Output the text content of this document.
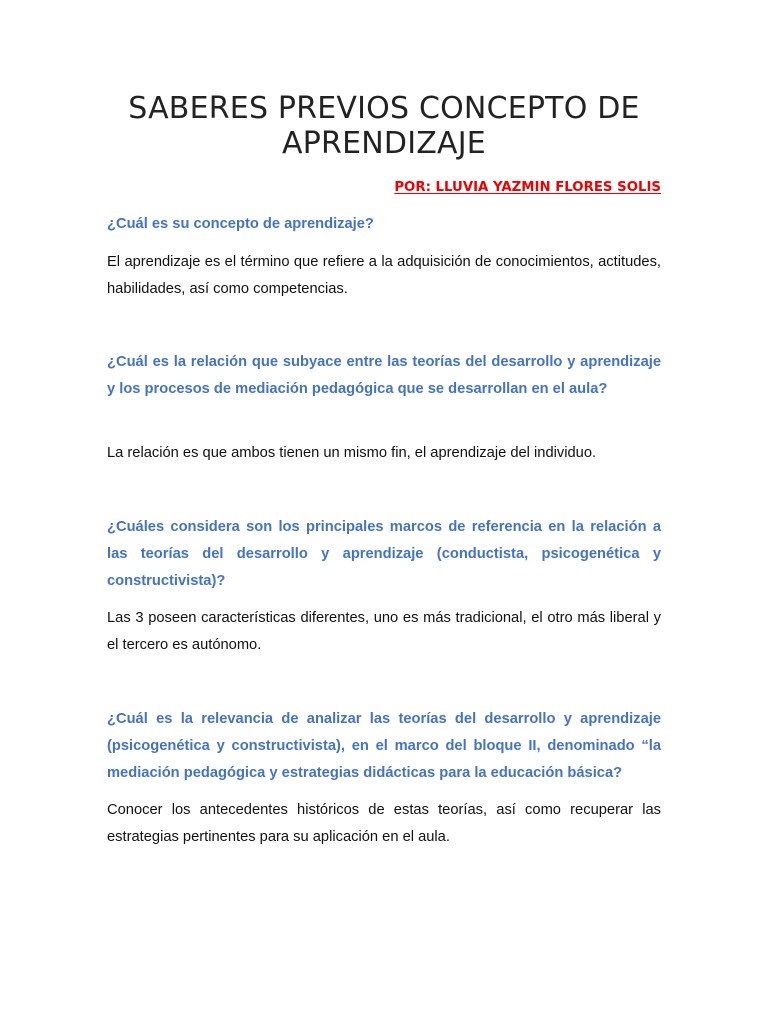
SABERES PREVIOS CONCEPTO DE APRENDIZAJE
POR: LLUVIA YAZMIN FLORES SOLIS

¿Cuál es su concepto de aprendizaje?

El aprendizaje es el término que refiere a la adquisición de conocimientos, actitudes, habilidades, así como competencias.

¿Cuál es la relación que subyace entre las teorías del desarrollo y aprendizaje y los procesos de mediación pedagógica que se desarrollan en el aula?

La relación es que ambos tienen un mismo fin, el aprendizaje del individuo.

¿Cuáles considera son los principales marcos de referencia en la relación a las teorías del desarrollo y aprendizaje (conductista, psicogenética y constructivista)?

Las 3 poseen características diferentes, uno es más tradicional, el otro más liberal y el tercero es autónomo.

¿Cuál es la relevancia de analizar las teorías del desarrollo y aprendizaje (psicogenética y constructivista), en el marco del bloque II, denominado “la mediación pedagógica y estrategias didácticas para la educación básica?

Conocer los antecedentes históricos de estas teorías, así como recuperar las estrategias pertinentes para su aplicación en el aula.
